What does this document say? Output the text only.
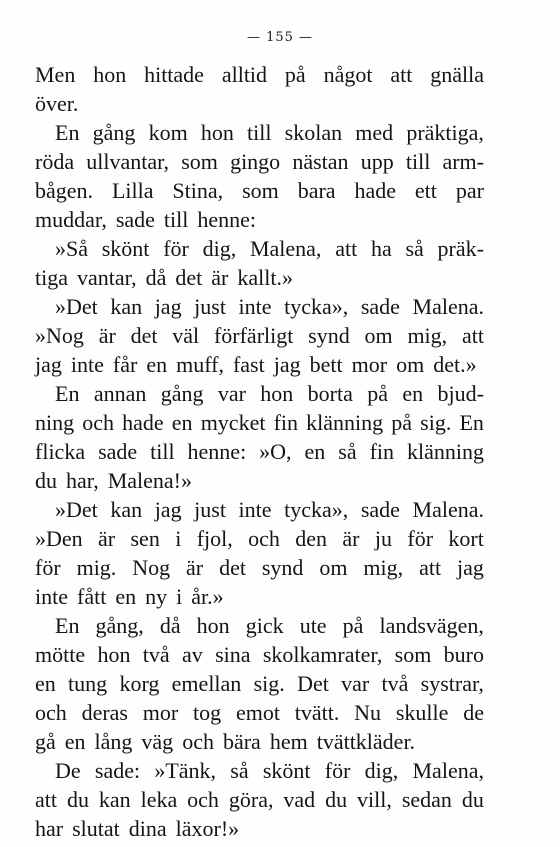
— 155 —
Men hon hittade alltid på något att gnälla
över.
En gång kom hon till skolan med präktiga,
röda ullvantar, som gingo nästan upp till arm-
bågen. Lilla Stina, som bara hade ett par
muddar, sade till henne:
»Så skönt för dig, Malena, att ha så präk-
tiga vantar, då det är kallt.»
»Det kan jag just inte tycka», sade Malena.
»Nog är det väl förfärligt synd om mig, att
jag inte får en muff, fast jag bett mor om det.»
En annan gång var hon borta på en bjud-
ning och hade en mycket fin klänning på sig. En
flicka sade till henne: »O, en så fin klänning
du har, Malena!»
»Det kan jag just inte tycka», sade Malena.
»Den är sen i fjol, och den är ju för kort
för mig. Nog är det synd om mig, att jag
inte fått en ny i år.»
En gång, då hon gick ute på landsvägen,
mötte hon två av sina skolkamrater, som buro
en tung korg emellan sig. Det var två systrar,
och deras mor tog emot tvätt. Nu skulle de
gå en lång väg och bära hem tvättkläder.
De sade: »Tänk, så skönt för dig, Malena,
att du kan leka och göra, vad du vill, sedan du
har slutat dina läxor!»
